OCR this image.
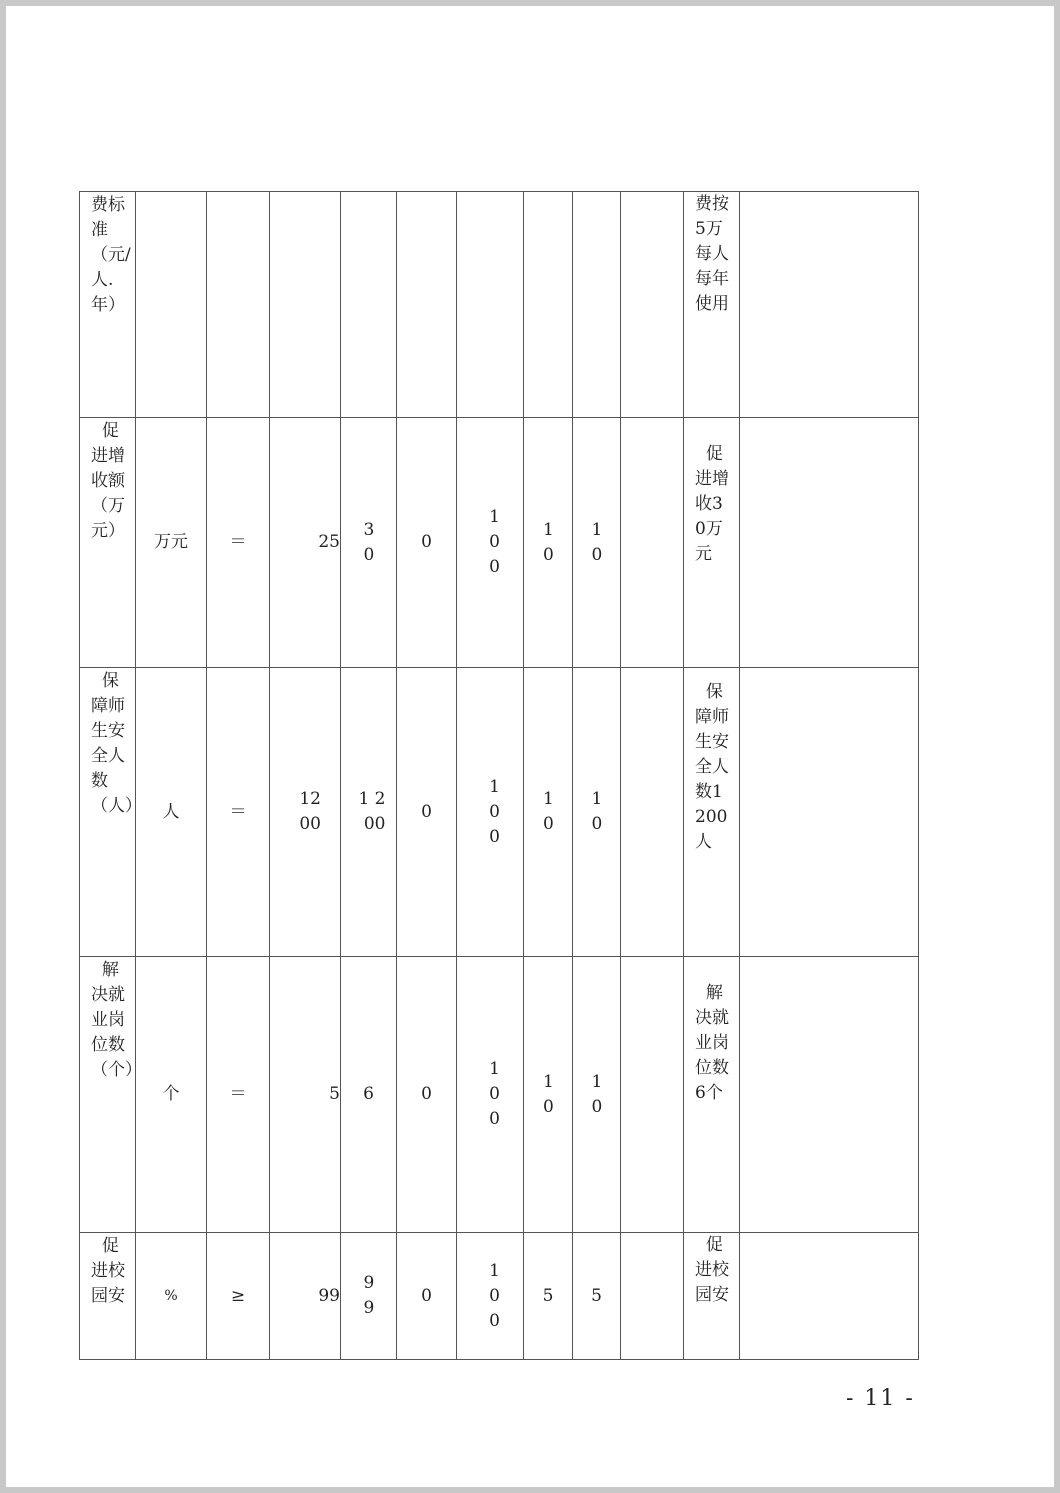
费标准（元/人.年）										费按5万每人每年使用	

促进增收额（万元）	万元	＝	25	30	0	100	10	10		促进增收30万元	

保障师生安全人数（人）	人	＝	1200	1 200	0	100	10	10		保障师生安全人数1200人	

解决就业岗位数（个）	个	＝	5	6	0	100	10	10		解决就业岗位数6个	

促进校园安	%	≥	99	99	0	100	5	5		促进校园安	

- 11 -
